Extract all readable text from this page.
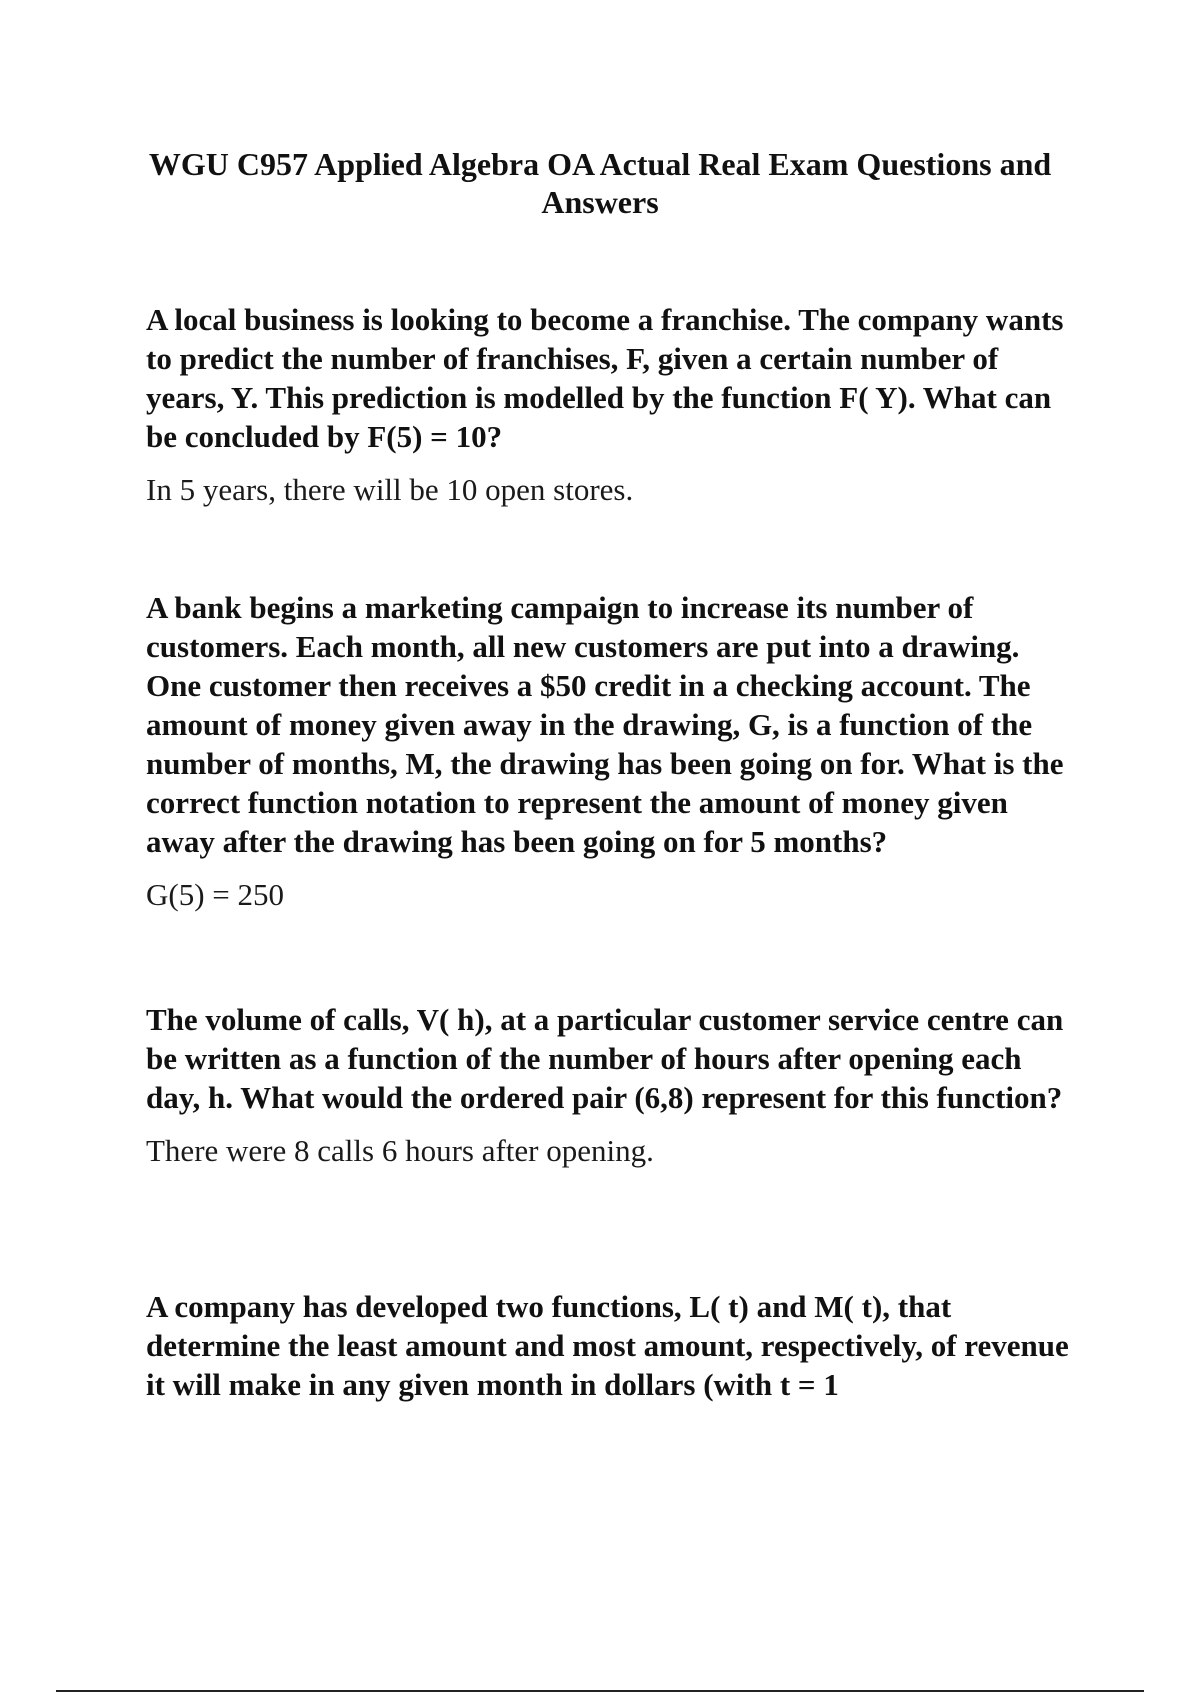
WGU C957 Applied Algebra OA Actual Real Exam Questions and Answers

A local business is looking to become a franchise. The company wants to predict the number of franchises, F, given a certain number of years, Y. This prediction is modelled by the function F( Y). What can be concluded by F(5) = 10?

In 5 years, there will be 10 open stores.

A bank begins a marketing campaign to increase its number of customers. Each month, all new customers are put into a drawing. One customer then receives a $50 credit in a checking account. The amount of money given away in the drawing, G, is a function of the number of months, M, the drawing has been going on for. What is the correct function notation to represent the amount of money given away after the drawing has been going on for 5 months?

G(5) = 250

The volume of calls, V( h), at a particular customer service centre can be written as a function of the number of hours after opening each day, h. What would the ordered pair (6,8) represent for this function?

There were 8 calls 6 hours after opening.

A company has developed two functions, L( t) and M( t), that determine the least amount and most amount, respectively, of revenue it will make in any given month in dollars (with t = 1
